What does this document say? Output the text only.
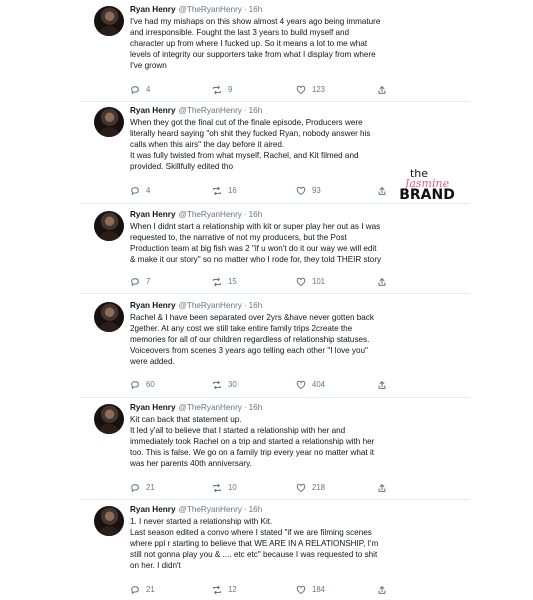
Ryan Henry @TheRyanHenry · 16h
I've had my mishaps on this show almost 4 years ago being immature
and irresponsible. Fought the last 3 years to build myself and
character up from where I fucked up. So it means a lot to me what
levels of integrity our supporters take from what I display from where
I've grown
4	9	123
Ryan Henry @TheRyanHenry · 16h
When they got the final cut of the finale episode, Producers were
literally heard saying "oh shit they fucked Ryan, nobody answer his
calls when this airs" the day before it aired.
It was fully twisted from what myself, Rachel, and Kit filmed and
provided. Skillfully edited tho
4	16	93
the
Jasmine
BRAND
Ryan Henry @TheRyanHenry · 16h
When I didnt start a relationship with kit or super play her out as I was
requested to, the narrative of not my producers, but the Post
Production team at big fish was 2 "if u won't do it our way we will edit
& make it our story" so no matter who I rode for, they told THEIR story
7	15	101
Ryan Henry @TheRyanHenry · 16h
Rachel & I have been separated over 2yrs &have never gotten back
2gether. At any cost we still take entire family trips 2create the
memories for all of our children regardless of relationship statuses.
Voiceovers from scenes 3 years ago telling each other "I love you"
were added.
60	30	404
Ryan Henry @TheRyanHenry · 16h
Kit can back that statement up.
It led y'all to believe that I started a relationship with her and
immediately took Rachel on a trip and started a relationship with her
too. This is false. We go on a family trip every year no matter what it
was her parents 40th anniversary.
21	10	218
Ryan Henry @TheRyanHenry · 16h
1. I never started a relationship with Kit.
Last season edited a convo where I stated "if we are filming scenes
where ppl r starting to believe that WE ARE IN A RELATIONSHIP, I'm
still not gonna play you & .... etc etc" because I was requested to shit
on her. I didn't
21	12	184
